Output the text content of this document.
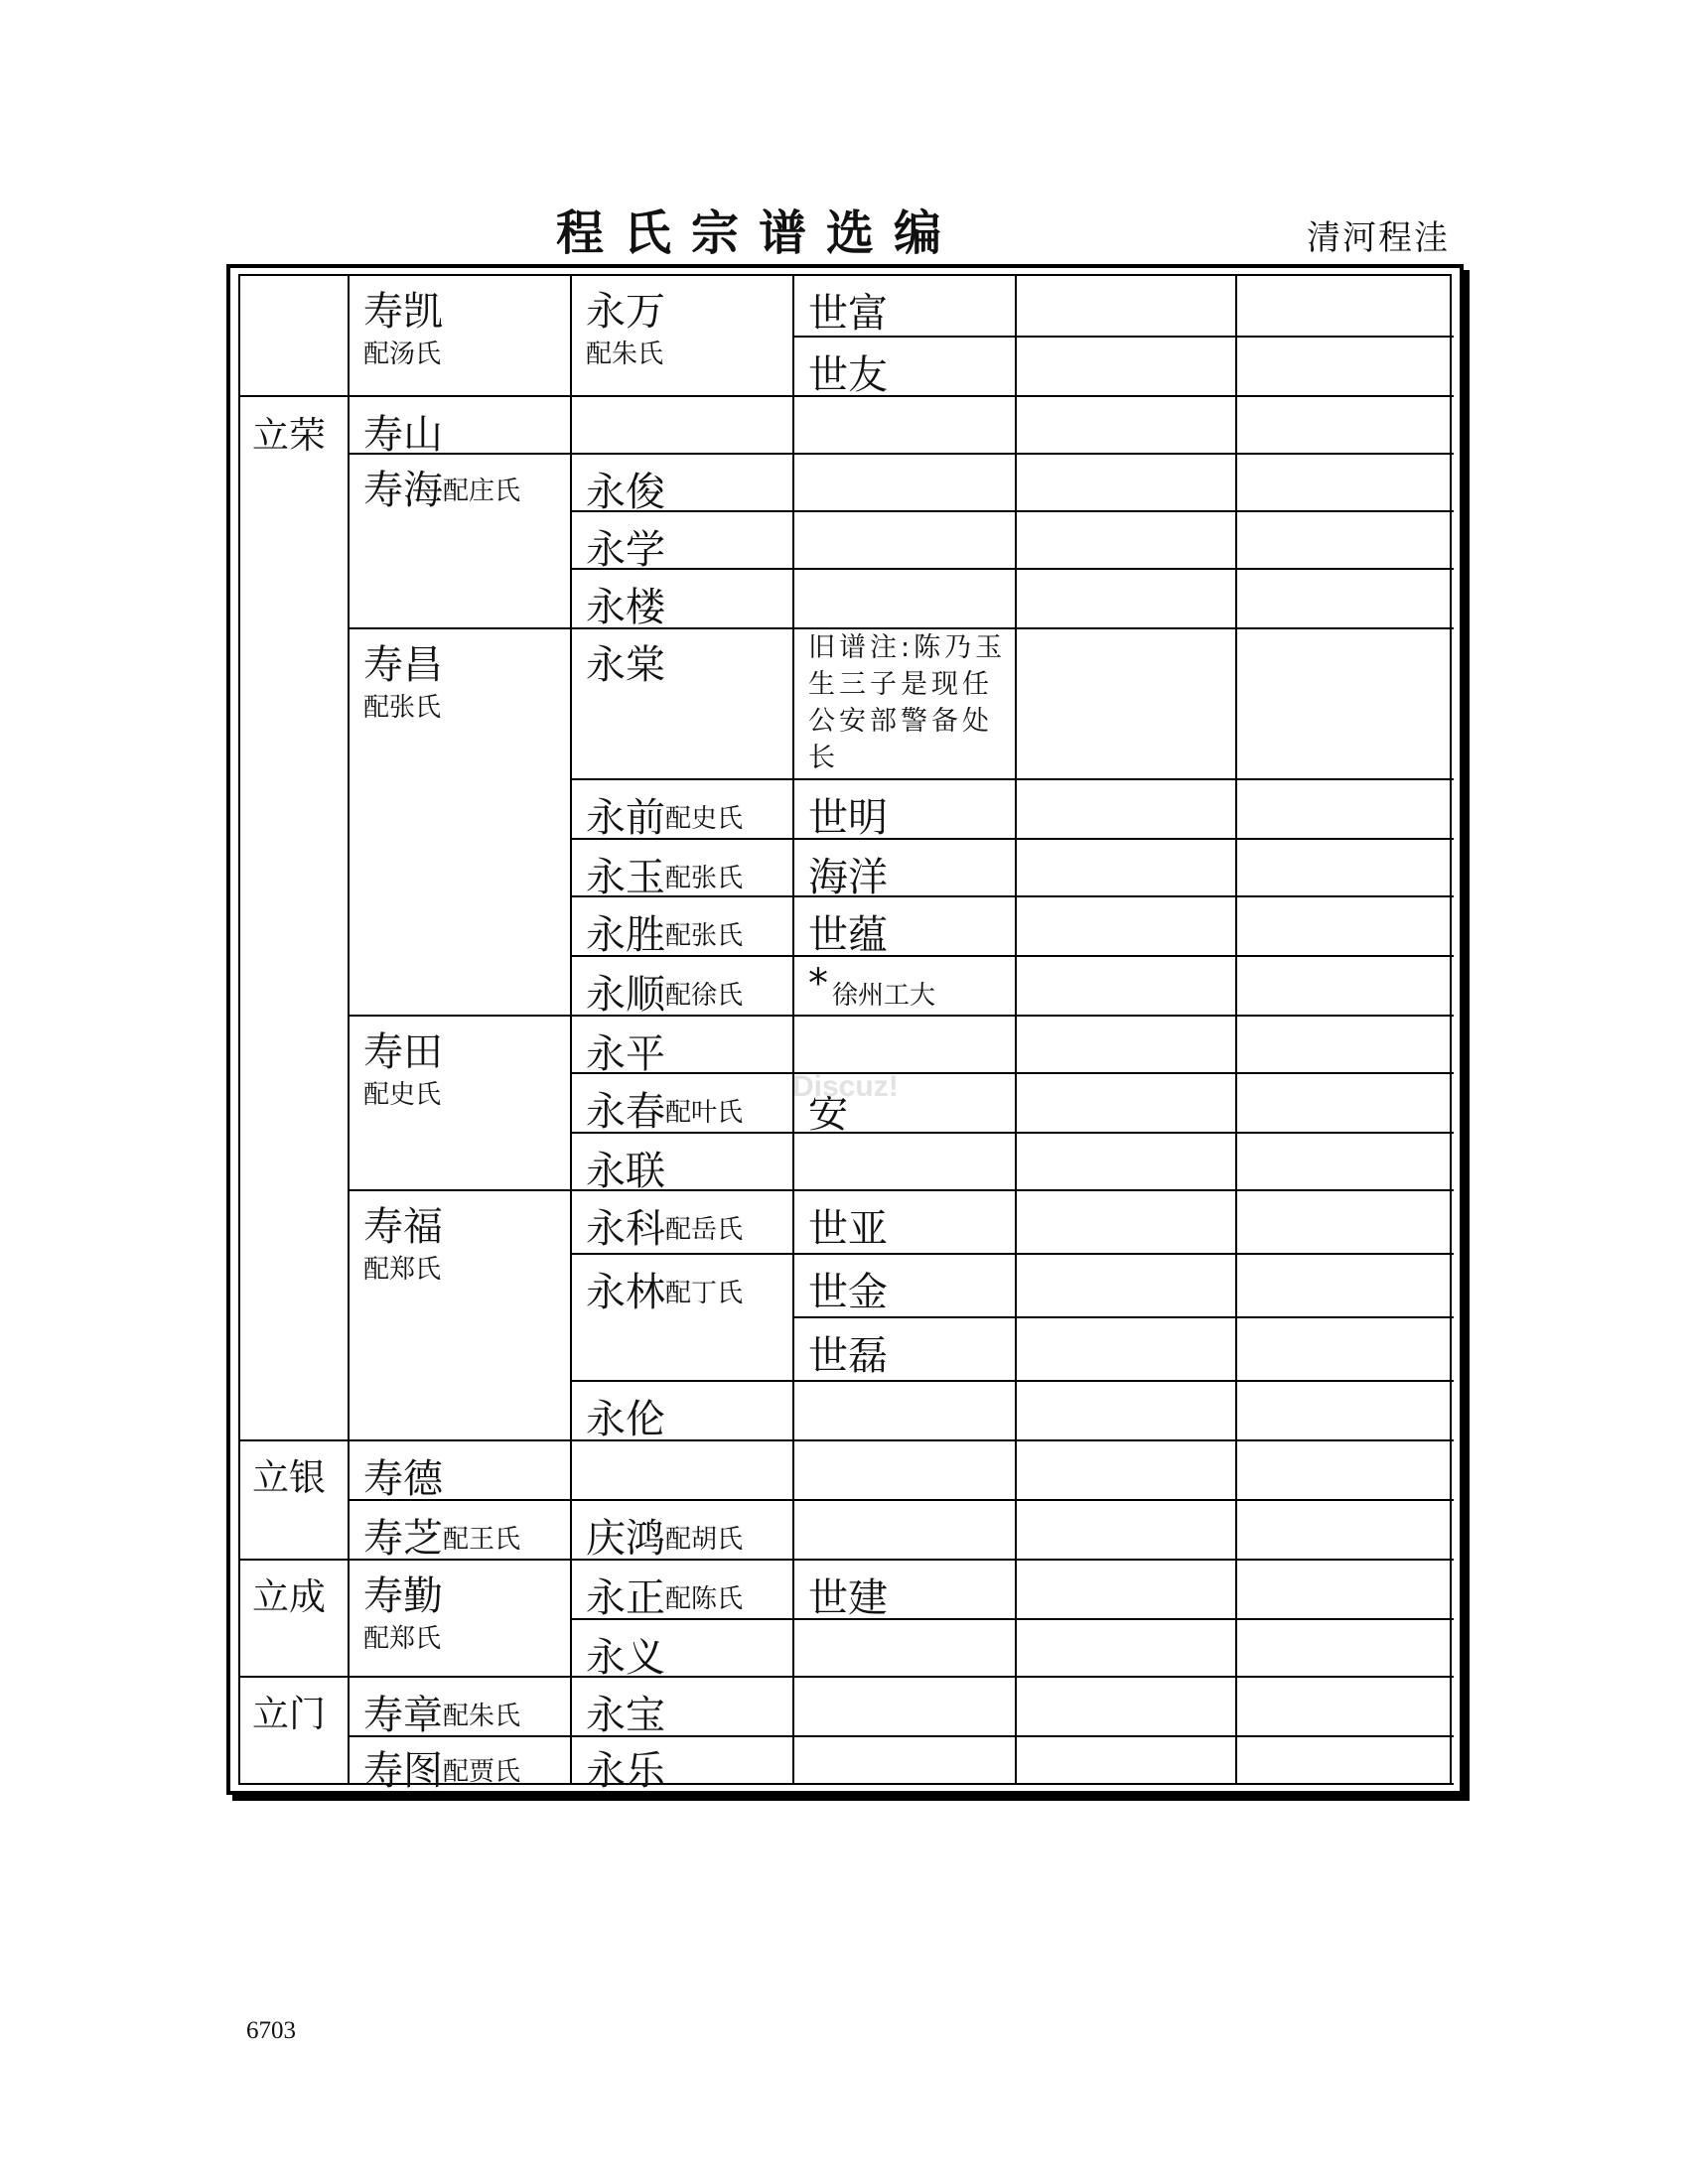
程氏宗谱选编	清河程洼
立荣
立银
立成
立门
寿凯
配汤氏
寿山
寿海 配庄氏
寿昌
配张氏
寿田
配史氏
寿福
配郑氏
寿德
寿芝 配王氏
寿勤
配郑氏
寿章 配朱氏
寿图 配贾氏
永万
配朱氏
永俊
永学
永楼
永棠
永前 配史氏
永玉 配张氏
永胜 配张氏
永顺 配徐氏
永平
永春 配叶氏
永联
永科 配岳氏
永林 配丁氏
永伦
庆鸿 配胡氏
永正 配陈氏
永义
永宝
永乐
世富
世友
旧谱注:陈乃玉生三子是现任公安部警备处长
世明
海洋
世蕴
* 徐州工大
安
世亚
世金
世磊
世建
Discuz!
6703
